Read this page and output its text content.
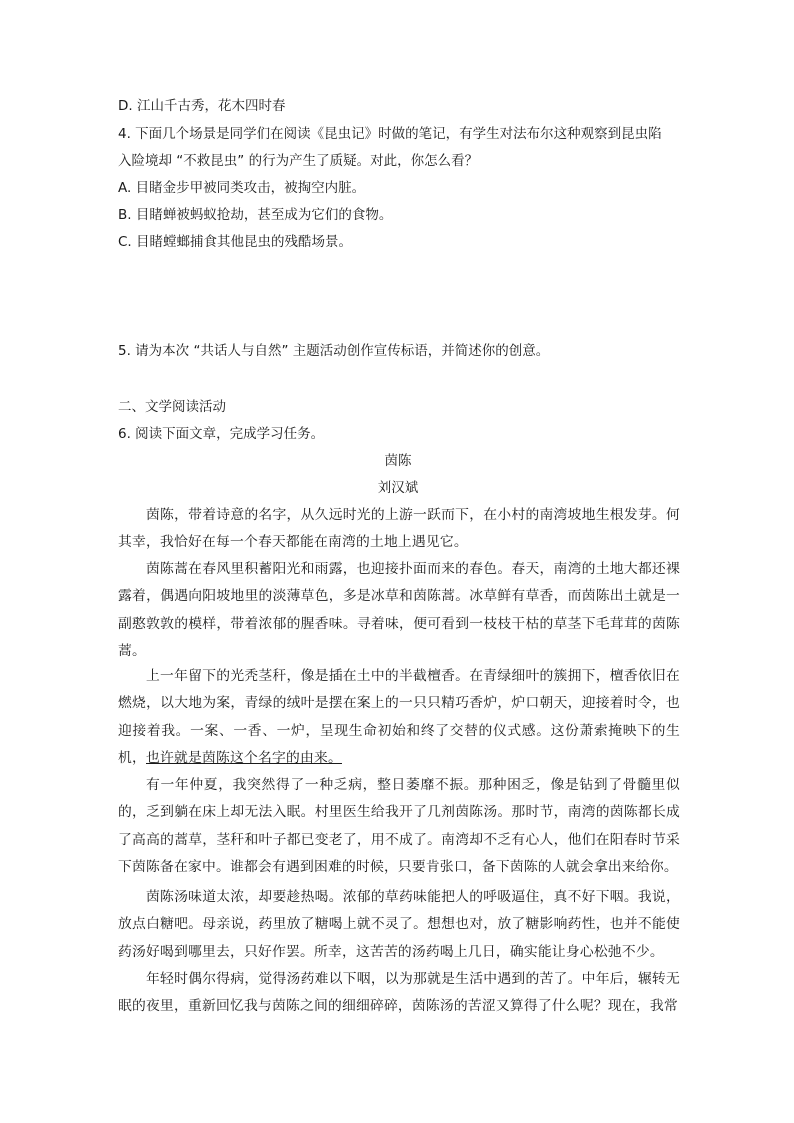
D. 江山千古秀，花木四时春
4. 下面几个场景是同学们在阅读《昆虫记》时做的笔记，有学生对法布尔这种观察到昆虫陷
入险境却 “不救昆虫” 的行为产生了质疑。对此，你怎么看？
A. 目睹金步甲被同类攻击，被掏空内脏。
B. 目睹蝉被蚂蚁抢劫，甚至成为它们的食物。
C. 目睹螳螂捕食其他昆虫的残酷场景。
5. 请为本次 “共话人与自然” 主题活动创作宣传标语，并简述你的创意。
二、文学阅读活动
6. 阅读下面文章，完成学习任务。
茵陈
刘汉斌
茵陈，带着诗意的名字，从久远时光的上游一跃而下，在小村的南湾坡地生根发芽。何其幸，我恰好在每一个春天都能在南湾的土地上遇见它。
茵陈蒿在春风里积蓄阳光和雨露，也迎接扑面而来的春色。春天，南湾的土地大都还裸露着，偶遇向阳坡地里的淡薄草色，多是冰草和茵陈蒿。冰草鲜有草香，而茵陈出土就是一副憨敦敦的模样，带着浓郁的腥香味。寻着味，便可看到一枝枝干枯的草茎下毛茸茸的茵陈蒿。
上一年留下的光秃茎秆，像是插在土中的半截檀香。在青绿细叶的簇拥下，檀香依旧在燃烧，以大地为案，青绿的绒叶是摆在案上的一只只精巧香炉，炉口朝天，迎接着时令，也迎接着我。一案、一香、一炉，呈现生命初始和终了交替的仪式感。这份萧索掩映下的生机，也许就是茵陈这个名字的由来。
有一年仲夏，我突然得了一种乏病，整日萎靡不振。那种困乏，像是钻到了骨髓里似的，乏到躺在床上却无法入眠。村里医生给我开了几剂茵陈汤。那时节，南湾的茵陈都长成了高高的蒿草，茎秆和叶子都已变老了，用不成了。南湾却不乏有心人，他们在阳春时节采下茵陈备在家中。谁都会有遇到困难的时候，只要肯张口，备下茵陈的人就会拿出来给你。
茵陈汤味道太浓，却要趁热喝。浓郁的草药味能把人的呼吸逼住，真不好下咽。我说，放点白糖吧。母亲说，药里放了糖喝上就不灵了。想想也对，放了糖影响药性，也并不能使药汤好喝到哪里去，只好作罢。所幸，这苦苦的汤药喝上几日，确实能让身心松弛不少。
年轻时偶尔得病，觉得汤药难以下咽，以为那就是生活中遇到的苦了。中年后，辗转无眠的夜里，重新回忆我与茵陈之间的细细碎碎，茵陈汤的苦涩又算得了什么呢？现在，我常
